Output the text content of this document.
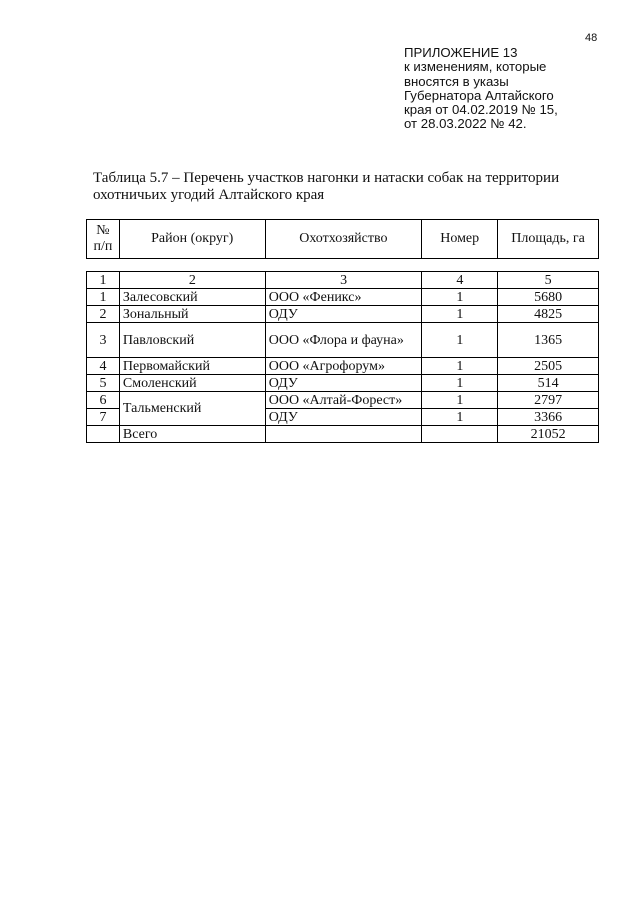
48
ПРИЛОЖЕНИЕ 13
к изменениям, которые
вносятся в указы
Губернатора Алтайского
края от 04.02.2019 № 15,
от 28.03.2022 № 42.
Таблица 5.7 – Перечень участков нагонки и натаски собак на территории охотничьих угодий Алтайского края
№ п/п	Район (округ)	Охотхозяйство	Номер	Площадь, га
1	2	3	4	5
1	Залесовский	ООО «Феникс»	1	5680
2	Зональный	ОДУ	1	4825
3	Павловский	ООО «Флора и фауна»	1	1365
4	Первомайский	ООО «Агрофорум»	1	2505
5	Смоленский	ОДУ	1	514
6	Тальменский	ООО «Алтай-Форест»	1	2797
7		ОДУ	1	3366
	Всего			21052
